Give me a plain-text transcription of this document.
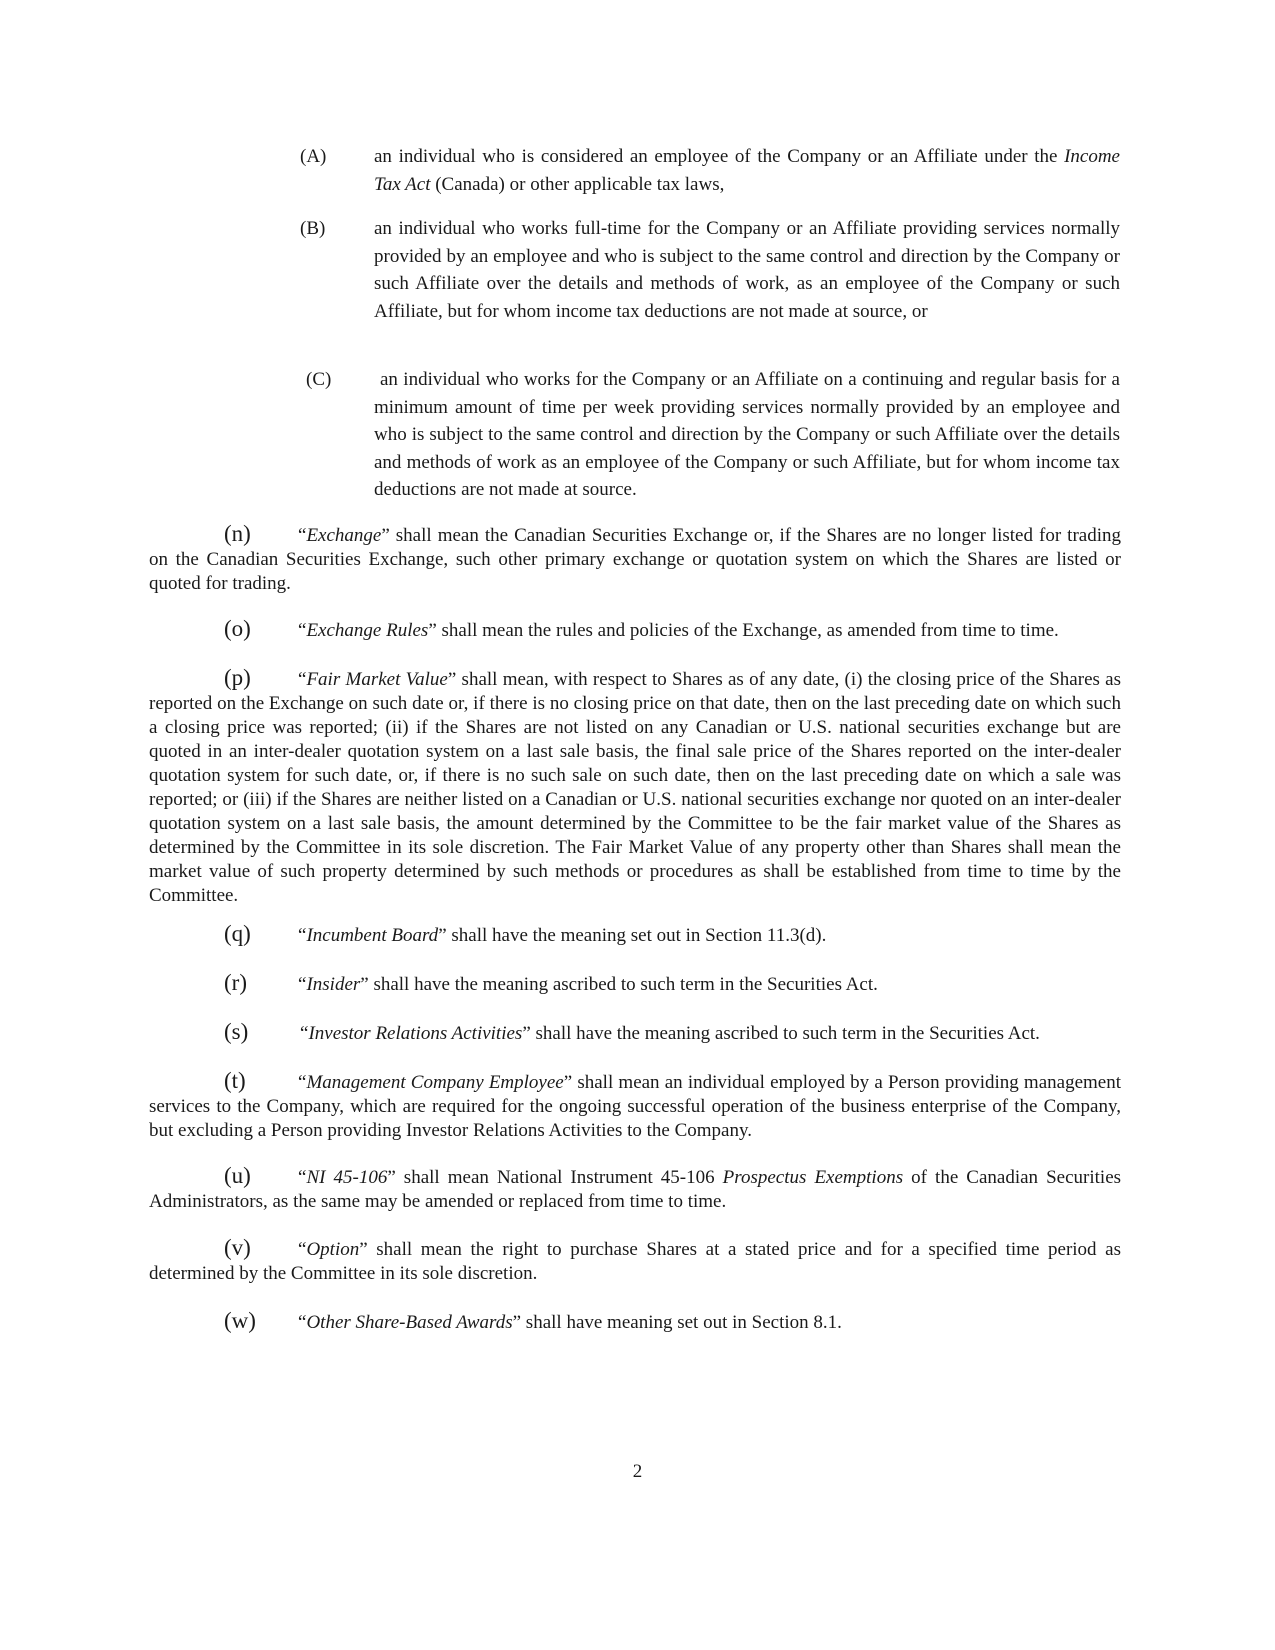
(A)	an individual who is considered an employee of the Company or an Affiliate under the Income Tax Act (Canada) or other applicable tax laws,
(B)	an individual who works full-time for the Company or an Affiliate providing services normally provided by an employee and who is subject to the same control and direction by the Company or such Affiliate over the details and methods of work, as an employee of the Company or such Affiliate, but for whom income tax deductions are not made at source, or
(C)	an individual who works for the Company or an Affiliate on a continuing and regular basis for a minimum amount of time per week providing services normally provided by an employee and who is subject to the same control and direction by the Company or such Affiliate over the details and methods of work as an employee of the Company or such Affiliate, but for whom income tax deductions are not made at source.
(n) “Exchange” shall mean the Canadian Securities Exchange or, if the Shares are no longer listed for trading on the Canadian Securities Exchange, such other primary exchange or quotation system on which the Shares are listed or quoted for trading.
(o) “Exchange Rules” shall mean the rules and policies of the Exchange, as amended from time to time.
(p) “Fair Market Value” shall mean, with respect to Shares as of any date, (i) the closing price of the Shares as reported on the Exchange on such date or, if there is no closing price on that date, then on the last preceding date on which such a closing price was reported; (ii) if the Shares are not listed on any Canadian or U.S. national securities exchange but are quoted in an inter-dealer quotation system on a last sale basis, the final sale price of the Shares reported on the inter-dealer quotation system for such date, or, if there is no such sale on such date, then on the last preceding date on which a sale was reported; or (iii) if the Shares are neither listed on a Canadian or U.S. national securities exchange nor quoted on an inter-dealer quotation system on a last sale basis, the amount determined by the Committee to be the fair market value of the Shares as determined by the Committee in its sole discretion. The Fair Market Value of any property other than Shares shall mean the market value of such property determined by such methods or procedures as shall be established from time to time by the Committee.
(q) “Incumbent Board” shall have the meaning set out in Section 11.3(d).
(r)	“Insider” shall have the meaning ascribed to such term in the Securities Act.
(s)	“Investor Relations Activities” shall have the meaning ascribed to such term in the Securities Act.
(t)	“Management Company Employee” shall mean an individual employed by a Person providing management services to the Company, which are required for the ongoing successful operation of the business enterprise of the Company, but excluding a Person providing Investor Relations Activities to the Company.
(u) “NI 45-106” shall mean National Instrument 45-106 Prospectus Exemptions of the Canadian Securities Administrators, as the same may be amended or replaced from time to time.
(v) “Option” shall mean the right to purchase Shares at a stated price and for a specified time period as determined by the Committee in its sole discretion.
(w) “Other Share-Based Awards” shall have meaning set out in Section 8.1.
2
